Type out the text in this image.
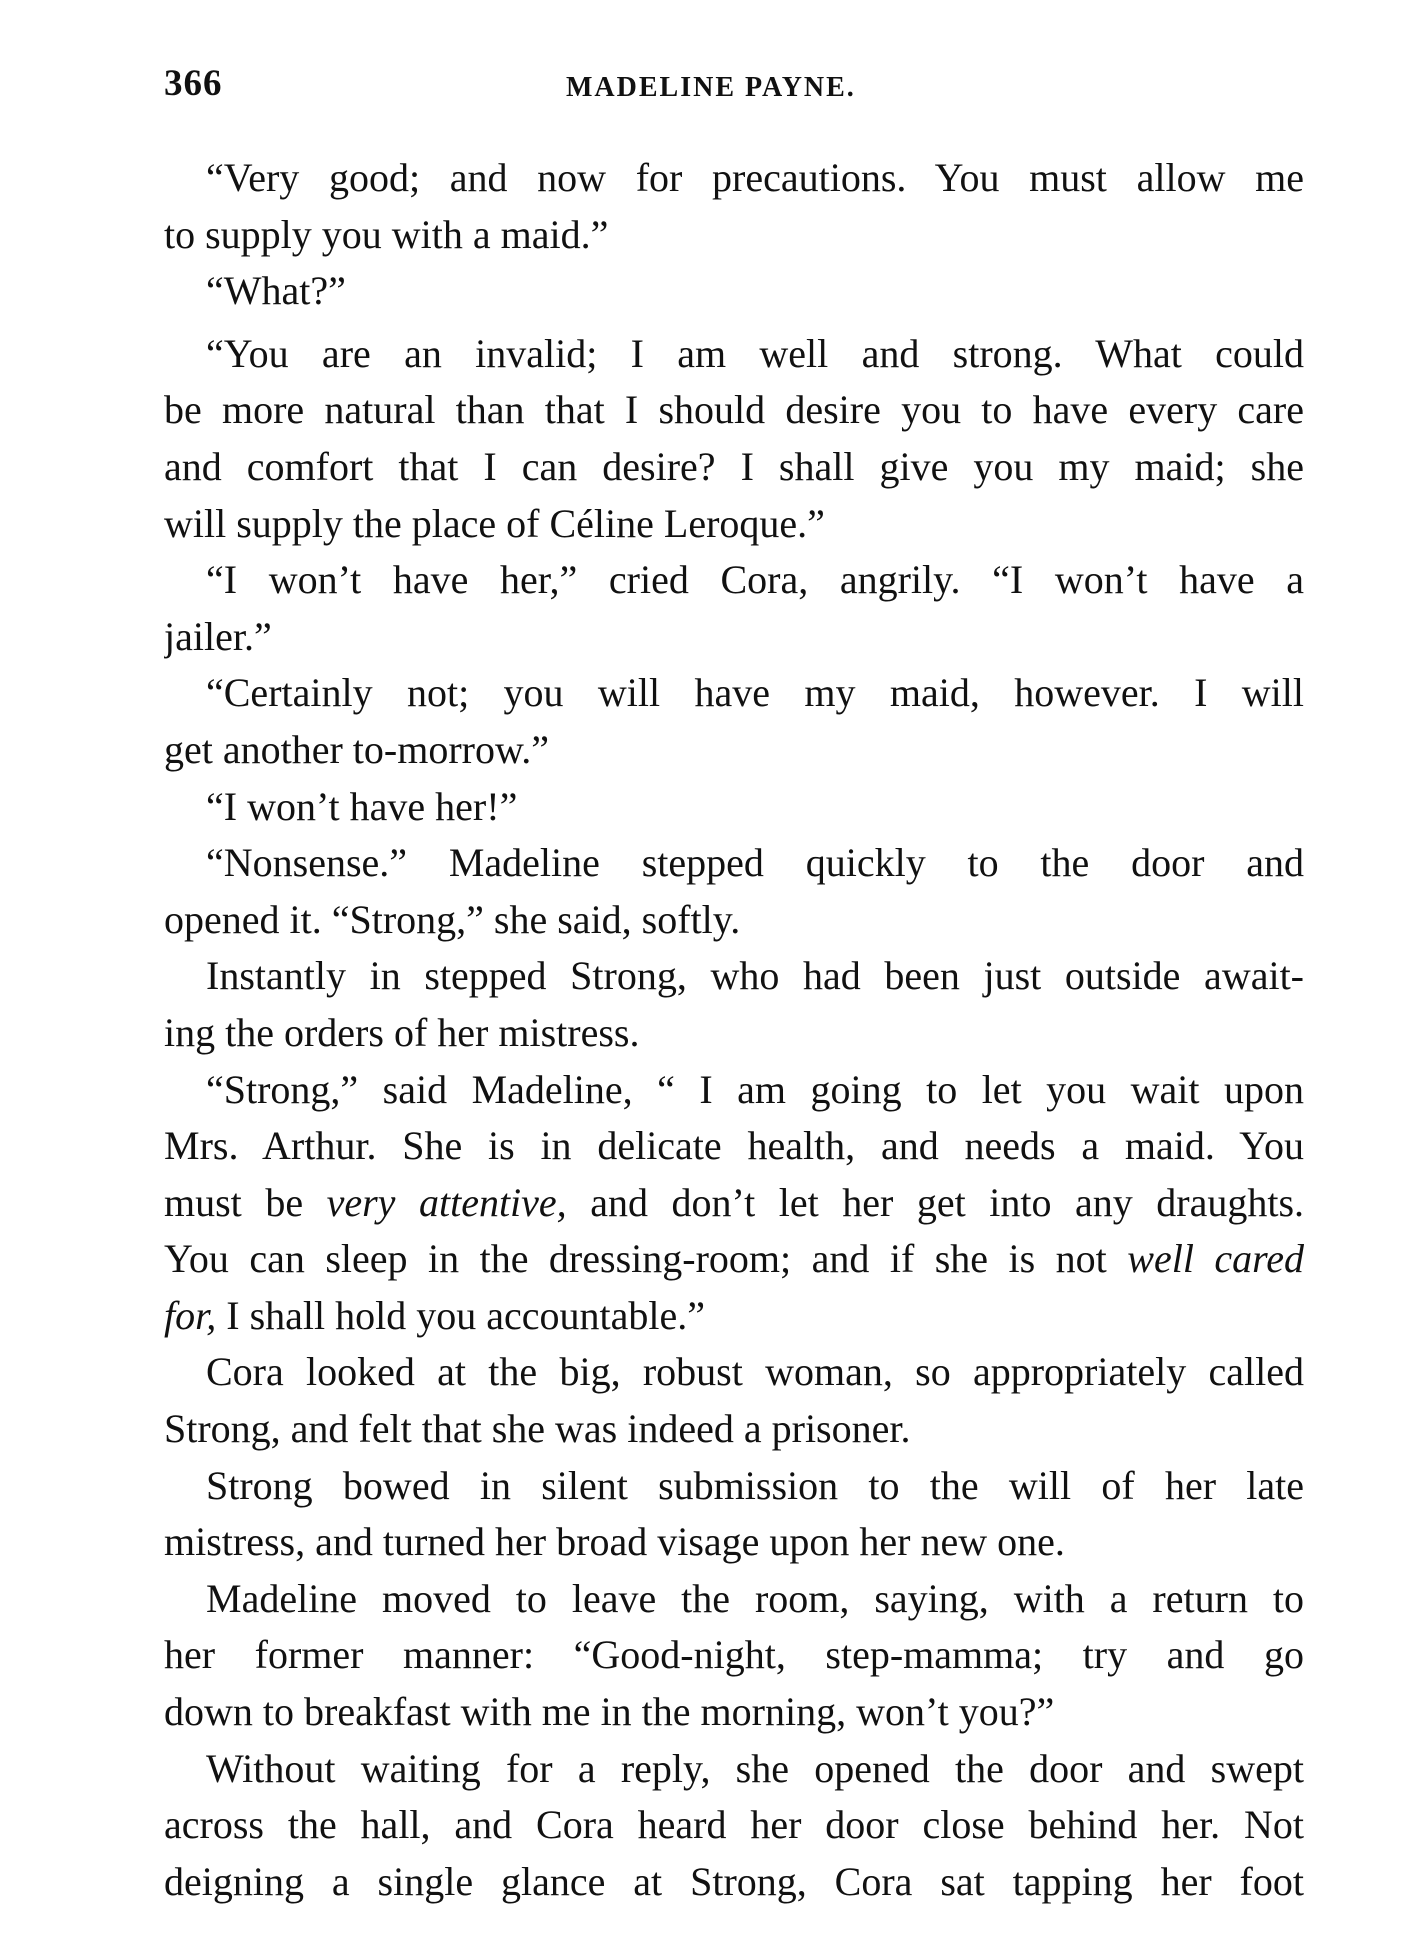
366	MADELINE PAYNE.
“Very good; and now for precautions. You must allow me
to supply you with a maid.”
“What?”
“You are an invalid; I am well and strong. What could
be more natural than that I should desire you to have every care
and comfort that I can desire? I shall give you my maid; she
will supply the place of Céline Leroque.”
“I won’t have her,” cried Cora, angrily. “I won’t have a
jailer.”
“Certainly not; you will have my maid, however. I will
get another to-morrow.”
“I won’t have her!”
“Nonsense.” Madeline stepped quickly to the door and
opened it. “Strong,” she said, softly.
Instantly in stepped Strong, who had been just outside await-
ing the orders of her mistress.
“Strong,” said Madeline, “ I am going to let you wait upon
Mrs. Arthur. She is in delicate health, and needs a maid. You
must be very attentive, and don’t let her get into any draughts.
You can sleep in the dressing-room; and if she is not well cared
for, I shall hold you accountable.”
Cora looked at the big, robust woman, so appropriately called
Strong, and felt that she was indeed a prisoner.
Strong bowed in silent submission to the will of her late
mistress, and turned her broad visage upon her new one.
Madeline moved to leave the room, saying, with a return to
her former manner: “Good-night, step-mamma; try and go
down to breakfast with me in the morning, won’t you?”
Without waiting for a reply, she opened the door and swept
across the hall, and Cora heard her door close behind her. Not
deigning a single glance at Strong, Cora sat tapping her foot
